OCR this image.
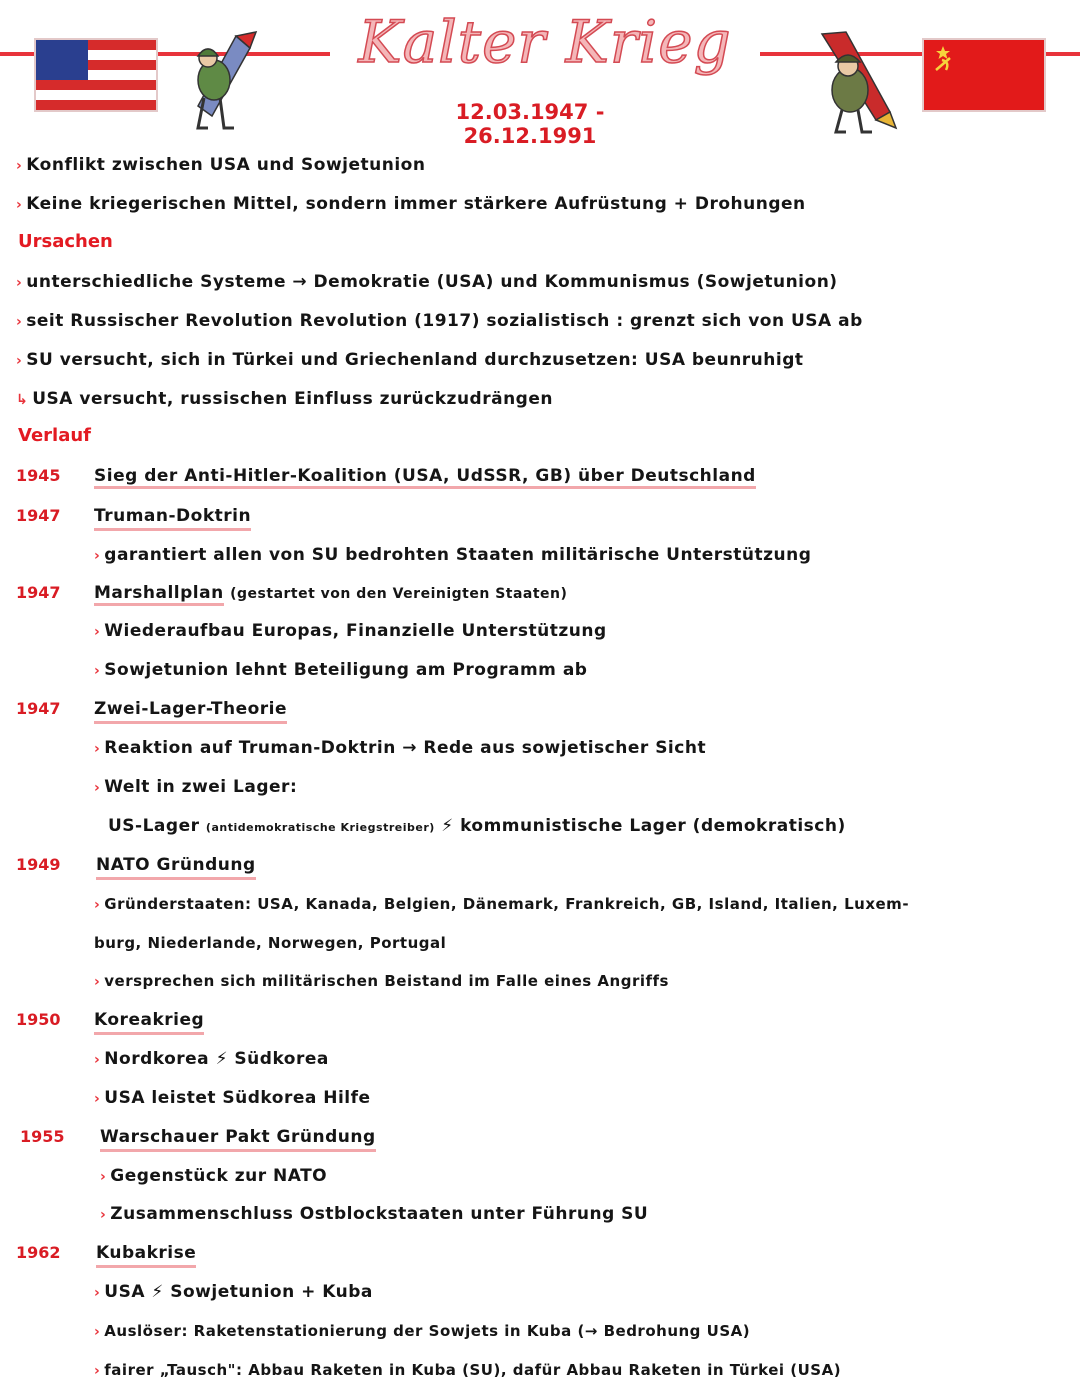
Kalter Krieg
12.03.1947 - 26.12.1991
› Konflikt zwischen USA und Sowjetunion
› Keine kriegerischen Mittel, sondern immer stärkere Aufrüstung + Drohungen
Ursachen
› unterschiedliche Systeme → Demokratie (USA) und Kommunismus (Sowjetunion)
› seit Russischer Revolution Revolution (1917) sozialistisch : grenzt sich von USA ab
› SU versucht, sich in Türkei und Griechenland durchzusetzen: USA beunruhigt
↳ USA versucht, russischen Einfluss zurückzudrängen
Verlauf
1945 Sieg der Anti-Hitler-Koalition (USA, UdSSR, GB) über Deutschland
1947 Truman-Doktrin
› garantiert allen von SU bedrohten Staaten militärische Unterstützung
1947 Marshallplan (gestartet von den Vereinigten Staaten)
› Wiederaufbau Europas, Finanzielle Unterstützung
› Sowjetunion lehnt Beteiligung am Programm ab
1947 Zwei-Lager-Theorie
› Reaktion auf Truman-Doktrin → Rede aus sowjetischer Sicht
› Welt in zwei Lager:
US-Lager (antidemokratische Kriegstreiber) ⚡ kommunistische Lager (demokratisch)
1949 NATO Gründung
› Gründerstaaten: USA, Kanada, Belgien, Dänemark, Frankreich, GB, Island, Italien, Luxem-
burg, Niederlande, Norwegen, Portugal
› versprechen sich militärischen Beistand im Falle eines Angriffs
1950 Koreakrieg
› Nordkorea ⚡ Südkorea
› USA leistet Südkorea Hilfe
1955 Warschauer Pakt Gründung
› Gegenstück zur NATO
› Zusammenschluss Ostblockstaaten unter Führung SU
1962 Kubakrise
› USA ⚡ Sowjetunion + Kuba
› Auslöser: Raketenstationierung der Sowjets in Kuba (→ Bedrohung USA)
› fairer „Tausch": Abbau Raketen in Kuba (SU), dafür Abbau Raketen in Türkei (USA)
